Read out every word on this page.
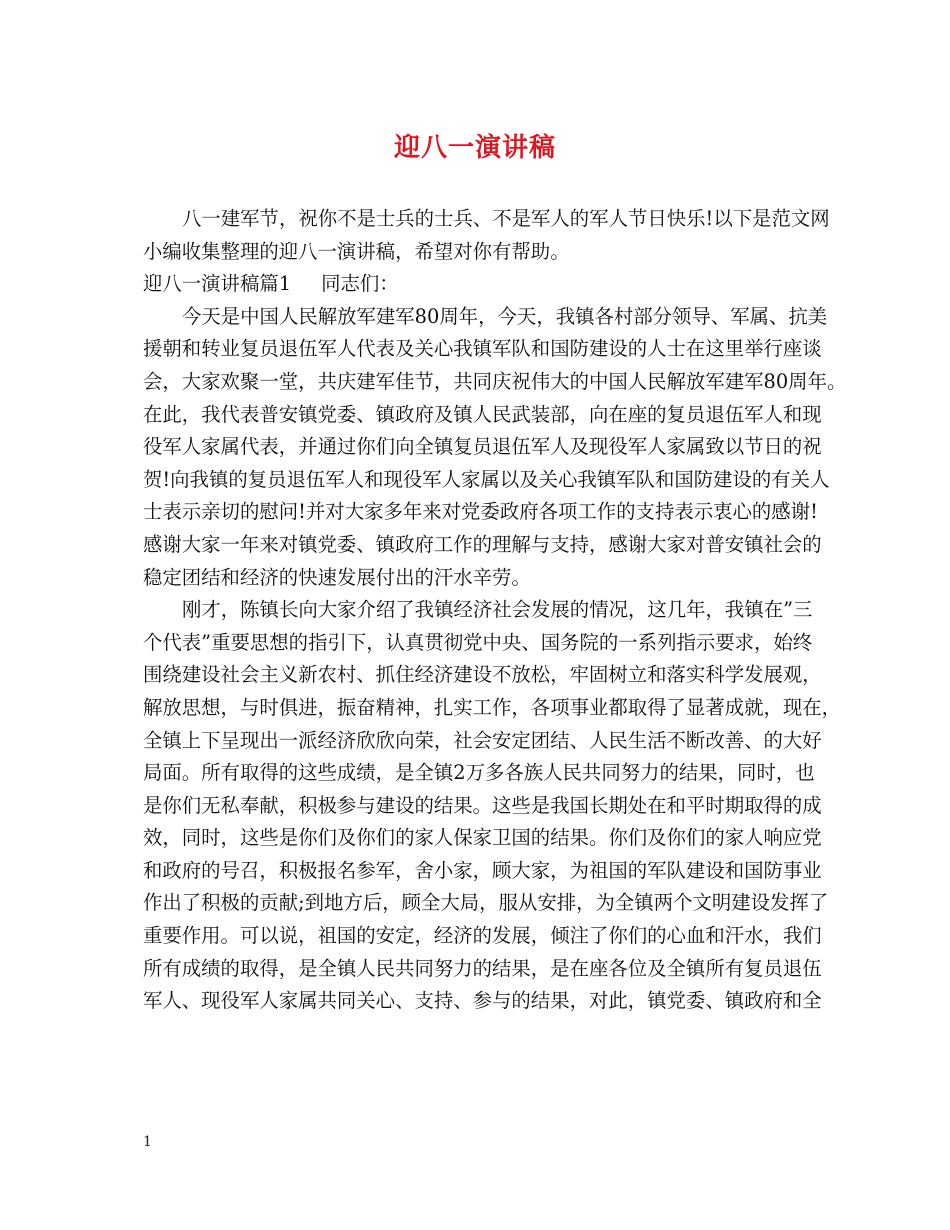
迎八一演讲稿
八一建军节，祝你不是士兵的士兵、不是军人的军人节日快乐!以下是范文网
小编收集整理的迎八一演讲稿，希望对你有帮助。
迎八一演讲稿篇1 同志们：
今天是中国人民解放军建军80周年，今天，我镇各村部分领导、军属、抗美
援朝和转业复员退伍军人代表及关心我镇军队和国防建设的人士在这里举行座谈
会，大家欢聚一堂，共庆建军佳节，共同庆祝伟大的中国人民解放军建军80周年。
在此，我代表普安镇党委、镇政府及镇人民武装部，向在座的复员退伍军人和现
役军人家属代表，并通过你们向全镇复员退伍军人及现役军人家属致以节日的祝
贺!向我镇的复员退伍军人和现役军人家属以及关心我镇军队和国防建设的有关人
士表示亲切的慰问!并对大家多年来对党委政府各项工作的支持表示衷心的感谢!
感谢大家一年来对镇党委、镇政府工作的理解与支持，感谢大家对普安镇社会的
稳定团结和经济的快速发展付出的汗水辛劳。
刚才，陈镇长向大家介绍了我镇经济社会发展的情况，这几年，我镇在”三
个代表”重要思想的指引下，认真贯彻党中央、国务院的一系列指示要求，始终
围绕建设社会主义新农村、抓住经济建设不放松，牢固树立和落实科学发展观，
解放思想，与时俱进，振奋精神，扎实工作，各项事业都取得了显著成就，现在，
全镇上下呈现出一派经济欣欣向荣，社会安定团结、人民生活不断改善、的大好
局面。所有取得的这些成绩，是全镇2万多各族人民共同努力的结果，同时，也
是你们无私奉献，积极参与建设的结果。这些是我国长期处在和平时期取得的成
效，同时，这些是你们及你们的家人保家卫国的结果。你们及你们的家人响应党
和政府的号召，积极报名参军，舍小家，顾大家，为祖国的军队建设和国防事业
作出了积极的贡献;到地方后，顾全大局，服从安排，为全镇两个文明建设发挥了
重要作用。可以说，祖国的安定，经济的发展，倾注了你们的心血和汗水，我们
所有成绩的取得，是全镇人民共同努力的结果，是在座各位及全镇所有复员退伍
军人、现役军人家属共同关心、支持、参与的结果，对此，镇党委、镇政府和全
1
